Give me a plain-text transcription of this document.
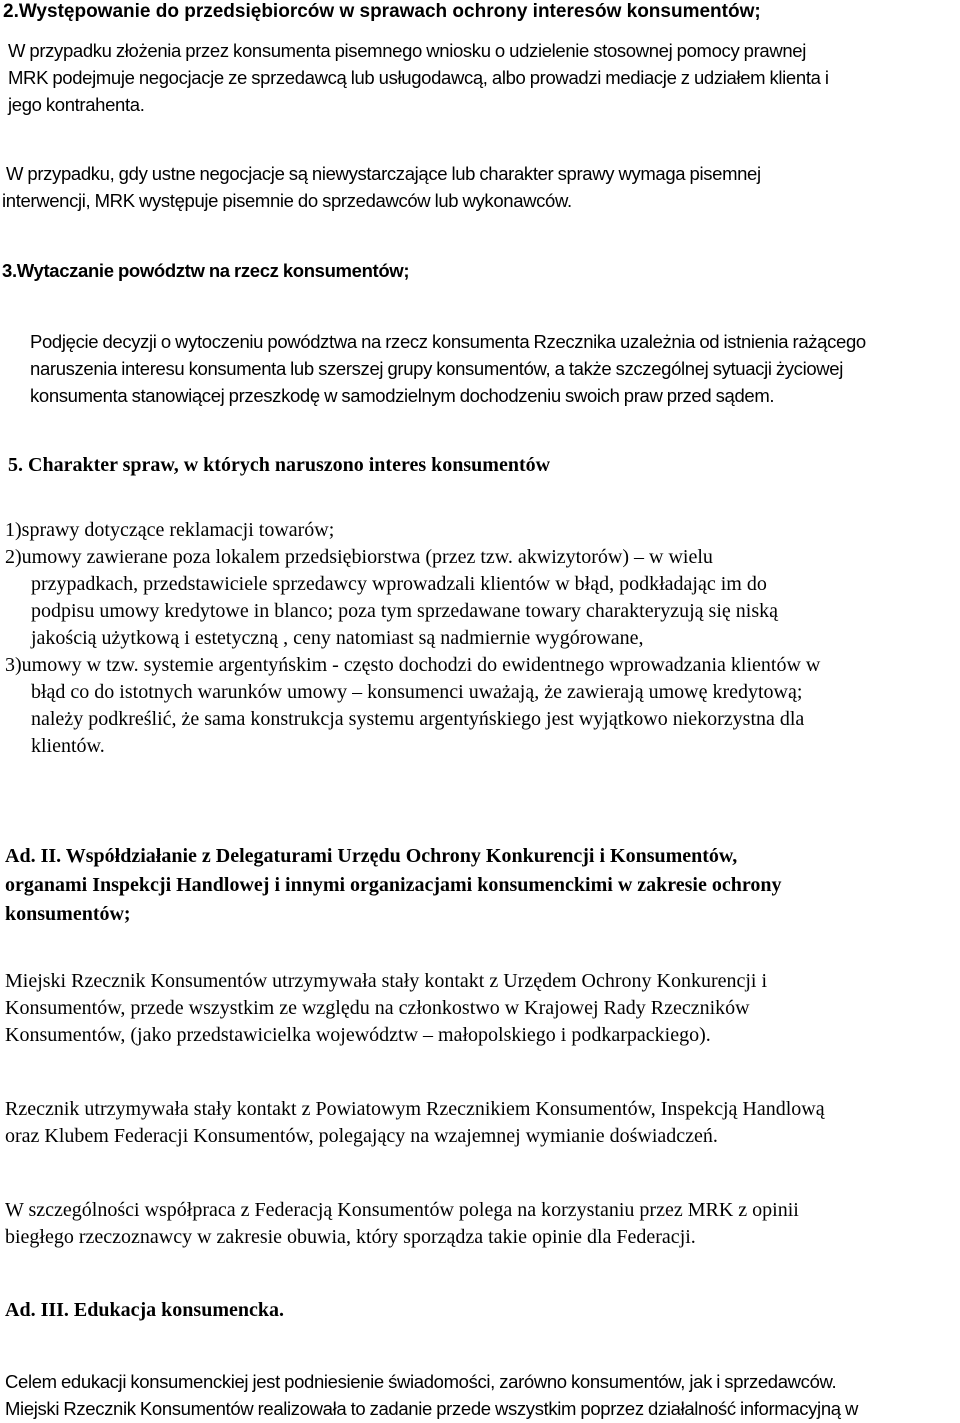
2.Występowanie do przedsiębiorców w sprawach ochrony interesów konsumentów;

W przypadku złożenia przez konsumenta pisemnego wniosku o udzielenie stosownej pomocy prawnej
MRK podejmuje negocjacje ze sprzedawcą lub usługodawcą, albo prowadzi mediacje z udziałem klienta i
jego kontrahenta.

W przypadku, gdy ustne negocjacje są niewystarczające lub charakter sprawy wymaga pisemnej
interwencji, MRK występuje pisemnie do sprzedawców lub wykonawców.

3.Wytaczanie powództw na rzecz konsumentów;

Podjęcie decyzji o wytoczeniu powództwa na rzecz konsumenta Rzecznika uzależnia od istnienia rażącego
naruszenia interesu konsumenta lub szerszej grupy konsumentów, a także szczególnej sytuacji życiowej
konsumenta stanowiącej przeszkodę w samodzielnym dochodzeniu swoich praw przed sądem.

5. Charakter spraw, w których naruszono interes konsumentów
1)sprawy dotyczące reklamacji towarów;
2)umowy zawierane poza lokalem przedsiębiorstwa (przez tzw. akwizytorów) – w wielu
przypadkach, przedstawiciele sprzedawcy wprowadzali klientów w błąd, podkładając im do
podpisu umowy kredytowe in blanco; poza tym sprzedawane towary charakteryzują się niską
jakością użytkową i estetyczną , ceny natomiast są nadmiernie wygórowane,
3)umowy w tzw. systemie argentyńskim - często dochodzi do ewidentnego wprowadzania klientów w
błąd co do istotnych warunków umowy – konsumenci uważają, że zawierają umowę kredytową;
należy podkreślić, że sama konstrukcja systemu argentyńskiego jest wyjątkowo niekorzystna dla
klientów.
Ad. II. Współdziałanie z Delegaturami Urzędu Ochrony Konkurencji i Konsumentów,
organami Inspekcji Handlowej i innymi organizacjami konsumenckimi w zakresie ochrony
konsumentów;

Miejski Rzecznik Konsumentów utrzymywała stały kontakt z Urzędem Ochrony Konkurencji i
Konsumentów, przede wszystkim ze względu na członkostwo w Krajowej Rady Rzeczników
Konsumentów, (jako przedstawicielka województw – małopolskiego i podkarpackiego).

Rzecznik utrzymywała stały kontakt z Powiatowym Rzecznikiem Konsumentów, Inspekcją Handlową
oraz Klubem Federacji Konsumentów, polegający na wzajemnej wymianie doświadczeń.

W szczególności współpraca z Federacją Konsumentów polega na korzystaniu przez MRK z opinii
biegłego rzeczoznawcy w zakresie obuwia, który sporządza takie opinie dla Federacji.

Ad. III. Edukacja konsumencka.

Celem edukacji konsumenckiej jest podniesienie świadomości, zarówno konsumentów, jak i sprzedawców.
Miejski Rzecznik Konsumentów realizowała to zadanie przede wszystkim poprzez działalność informacyjną w
